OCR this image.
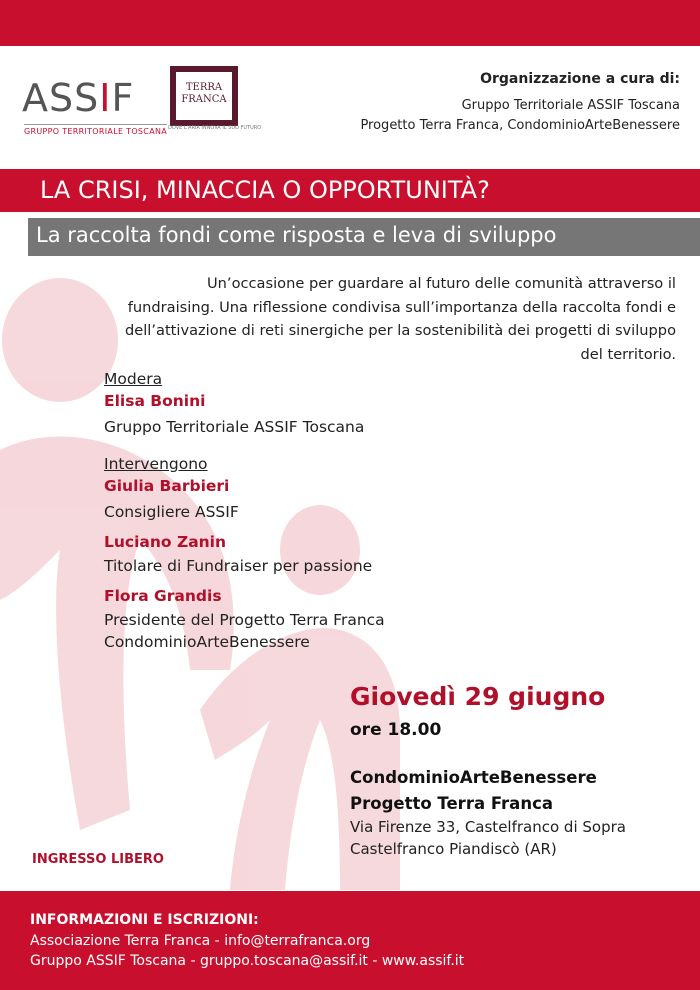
ASSIF
GRUPPO TERRITORIALE TOSCANA
TERRA
FRANCA
DOVE L'ARIA INNOVA IL SUO FUTURO
Organizzazione a cura di:
Gruppo Territoriale ASSIF Toscana
Progetto Terra Franca, CondominioArteBenessere
LA CRISI, MINACCIA O OPPORTUNITÀ?
La raccolta fondi come risposta e leva di sviluppo
Un’occasione per guardare al futuro delle comunità attraverso il fundraising. Una riflessione condivisa sull’importanza della raccolta fondi e dell’attivazione di reti sinergiche per la sostenibilità dei progetti di sviluppo del territorio.
Modera
Elisa Bonini
Gruppo Territoriale ASSIF Toscana
Intervengono
Giulia Barbieri
Consigliere ASSIF
Luciano Zanin
Titolare di Fundraiser per passione
Flora Grandis
Presidente del Progetto Terra Franca
CondominioArteBenessere
Giovedì 29 giugno
ore 18.00
CondominioArteBenessere
Progetto Terra Franca
Via Firenze 33, Castelfranco di Sopra
Castelfranco Piandiscò (AR)
INGRESSO LIBERO
INFORMAZIONI E ISCRIZIONI:
Associazione Terra Franca - info@terrafranca.org
Gruppo ASSIF Toscana - gruppo.toscana@assif.it - www.assif.it
